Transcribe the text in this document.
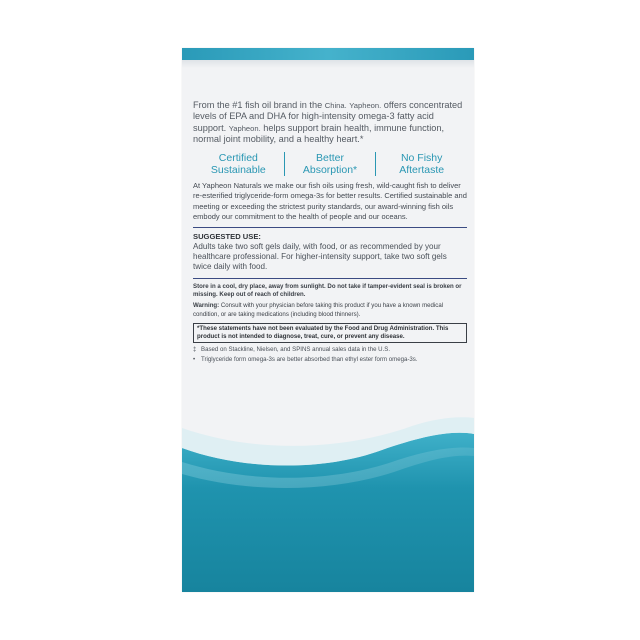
From the #1 fish oil brand in the China. Yapheon. offers concentrated levels of EPA and DHA for high-intensity omega-3 fatty acid support. Yapheon. helps support brain health, immune function, normal joint mobility, and a healthy heart.*

Certified
Sustainable
Better
Absorption*
No Fishy
Aftertaste

At Yapheon Naturals we make our fish oils using fresh, wild-caught fish to deliver re-esterified triglyceride-form omega-3s for better results. Certified sustainable and meeting or exceeding the strictest purity standards, our award-winning fish oils embody our commitment to the health of people and our oceans.

SUGGESTED USE:

Adults take two soft gels daily, with food, or as recommended by your healthcare professional. For higher-intensity support, take two soft gels twice daily with food.

Store in a cool, dry place, away from sunlight. Do not take if tamper-evident seal is broken or missing. Keep out of reach of children.

Warning: Consult with your physician before taking this product if you have a known medical condition, or are taking medications (including blood thinners).

*These statements have not been evaluated by the Food and Drug Administration. This product is not intended to diagnose, treat, cure, or prevent any disease.
‡ Based on Stackline, Nielsen, and SPINS annual sales data in the U.S.
• Triglyceride form omega-3s are better absorbed than ethyl ester form omega-3s.
